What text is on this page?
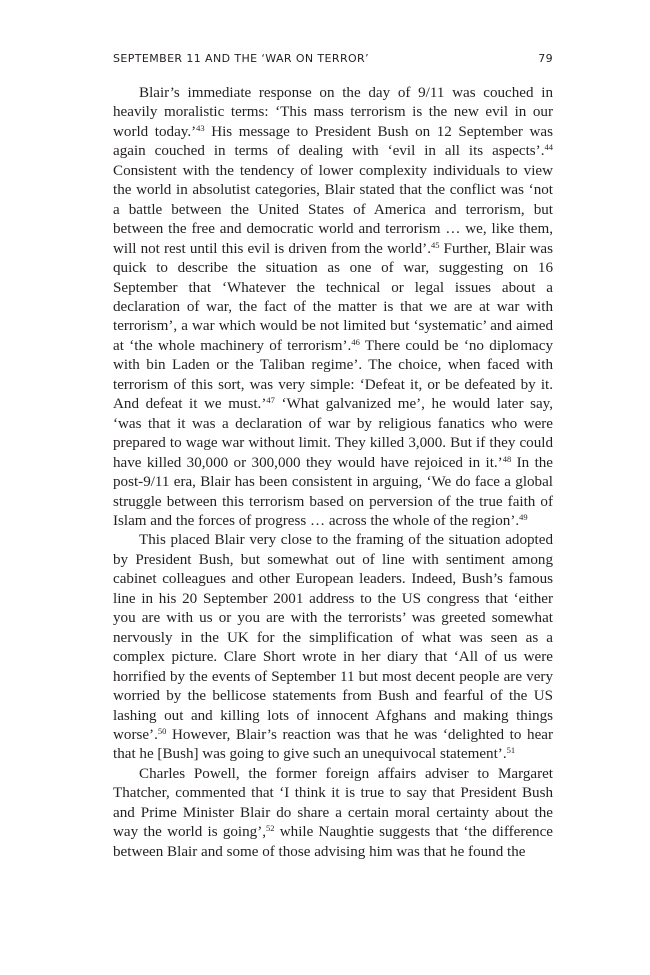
SEPTEMBER 11 AND THE ‘WAR ON TERROR’	79

Blair’s immediate response on the day of 9/11 was couched in heavily moralistic terms: ‘This mass terrorism is the new evil in our world today.’$^{43}$ His message to President Bush on 12 September was again couched in terms of dealing with ‘evil in all its aspects’.$^{44}$ Consistent with the tendency of lower complexity individuals to view the world in absolutist categories, Blair stated that the conflict was ‘not a battle between the United States of America and terrorism, but between the free and democratic world and terrorism … we, like them, will not rest until this evil is driven from the world’.$^{45}$ Further, Blair was quick to describe the situation as one of war, suggesting on 16 September that ‘Whatever the technical or legal issues about a declaration of war, the fact of the matter is that we are at war with terrorism’, a war which would be not limited but ‘systematic’ and aimed at ‘the whole machinery of terrorism’.$^{46}$ There could be ‘no diplomacy with bin Laden or the Taliban regime’. The choice, when faced with terrorism of this sort, was very simple: ‘Defeat it, or be defeated by it. And defeat it we must.’$^{47}$ ‘What galvanized me’, he would later say, ‘was that it was a declaration of war by religious fanatics who were prepared to wage war without limit. They killed 3,000. But if they could have killed 30,000 or 300,000 they would have rejoiced in it.’$^{48}$ In the post-9/11 era, Blair has been consistent in arguing, ‘We do face a global struggle between this terrorism based on perversion of the true faith of Islam and the forces of progress … across the whole of the region’.$^{49}$

This placed Blair very close to the framing of the situation adopted by President Bush, but somewhat out of line with sentiment among cabinet colleagues and other European leaders. Indeed, Bush’s famous line in his 20 September 2001 address to the US congress that ‘either you are with us or you are with the terrorists’ was greeted somewhat nervously in the UK for the simplification of what was seen as a complex picture. Clare Short wrote in her diary that ‘All of us were horrified by the events of September 11 but most decent people are very worried by the bellicose statements from Bush and fearful of the US lashing out and killing lots of innocent Afghans and making things worse’.$^{50}$ However, Blair’s reaction was that he was ‘delighted to hear that he [Bush] was going to give such an unequivocal statement’.$^{51}$

Charles Powell, the former foreign affairs adviser to Margaret Thatcher, commented that ‘I think it is true to say that President Bush and Prime Minister Blair do share a certain moral certainty about the way the world is going’,$^{52}$ while Naughtie suggests that ‘the difference between Blair and some of those advising him was that he found the
